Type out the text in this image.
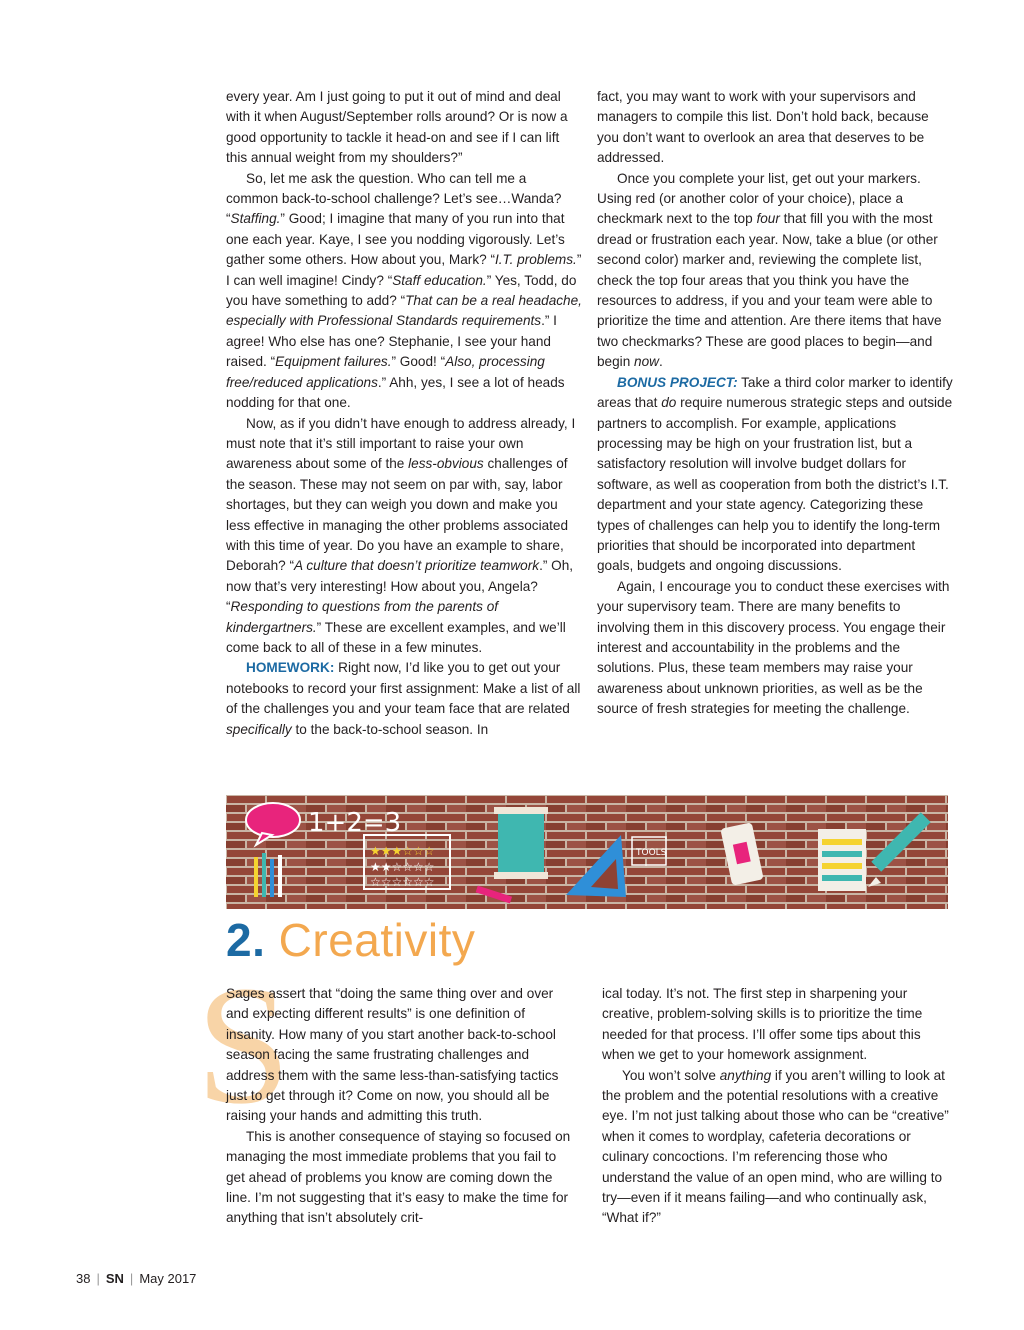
every year. Am I just going to put it out of mind and deal with it when August/September rolls around? Or is now a good opportunity to tackle it head-on and see if I can lift this annual weight from my shoulders?”

So, let me ask the question. Who can tell me a common back-to-school challenge? Let’s see…Wanda? “Staffing.” Good; I imagine that many of you run into that one each year. Kaye, I see you nodding vigorously. Let’s gather some others. How about you, Mark? “I.T. problems.” I can well imagine! Cindy? “Staff education.” Yes, Todd, do you have something to add? “That can be a real headache, especially with Professional Standards requirements.” I agree! Who else has one? Stephanie, I see your hand raised. “Equipment failures.” Good! “Also, processing free/reduced applications.” Ahh, yes, I see a lot of heads nodding for that one.

Now, as if you didn’t have enough to address already, I must note that it’s still important to raise your own awareness about some of the less-obvious challenges of the season. These may not seem on par with, say, labor shortages, but they can weigh you down and make you less effective in managing the other problems associated with this time of year. Do you have an example to share, Deborah? “A culture that doesn’t prioritize teamwork.” Oh, now that’s very interesting! How about you, Angela? “Responding to questions from the parents of kindergartners.” These are excellent examples, and we’ll come back to all of these in a few minutes.

HOMEWORK: Right now, I’d like you to get out your notebooks to record your first assignment: Make a list of all of the challenges you and your team face that are related specifically to the back-to-school season. In

fact, you may want to work with your supervisors and managers to compile this list. Don’t hold back, because you don’t want to overlook an area that deserves to be addressed.

Once you complete your list, get out your markers. Using red (or another color of your choice), place a checkmark next to the top four that fill you with the most dread or frustration each year. Now, take a blue (or other second color) marker and, reviewing the complete list, check the top four areas that you think you have the resources to address, if you and your team were able to prioritize the time and attention. Are there items that have two checkmarks? These are good places to begin—and begin now.

BONUS PROJECT: Take a third color marker to identify areas that do require numerous strategic steps and outside partners to accomplish. For example, applications processing may be high on your frustration list, but a satisfactory resolution will involve budget dollars for software, as well as cooperation from both the district’s I.T. department and your state agency. Categorizing these types of challenges can help you to identify the long-term priorities that should be incorporated into department goals, budgets and ongoing discussions.

Again, I encourage you to conduct these exercises with your supervisory team. There are many benefits to involving them in this discovery process. You engage their interest and accountability in the problems and the solutions. Plus, these team members may raise your awareness about unknown priorities, as well as be the source of fresh strategies for meeting the challenge.

1+2=3
★★★☆☆☆
★★☆☆☆☆
☆☆☆☆☆☆
TOOLS
2. Creativity
S

Sages assert that “doing the same thing over and over and expecting different results” is one definition of insanity. How many of you start another back-to-school season facing the same frustrating challenges and address them with the same less-than-satisfying tactics just to get through it? Come on now, you should all be raising your hands and admitting this truth.

This is another consequence of staying so focused on managing the most immediate problems that you fail to get ahead of problems you know are coming down the line. I’m not suggesting that it’s easy to make the time for anything that isn’t absolutely crit-

ical today. It’s not. The first step in sharpening your creative, problem-solving skills is to prioritize the time needed for that process. I’ll offer some tips about this when we get to your homework assignment.

You won’t solve anything if you aren’t willing to look at the problem and the potential resolutions with a creative eye. I’m not just talking about those who can be “creative” when it comes to wordplay, cafeteria decorations or culinary concoctions. I’m referencing those who understand the value of an open mind, who are willing to try—even if it means failing—and who continually ask, “What if?”

38 | SN | May 2017
